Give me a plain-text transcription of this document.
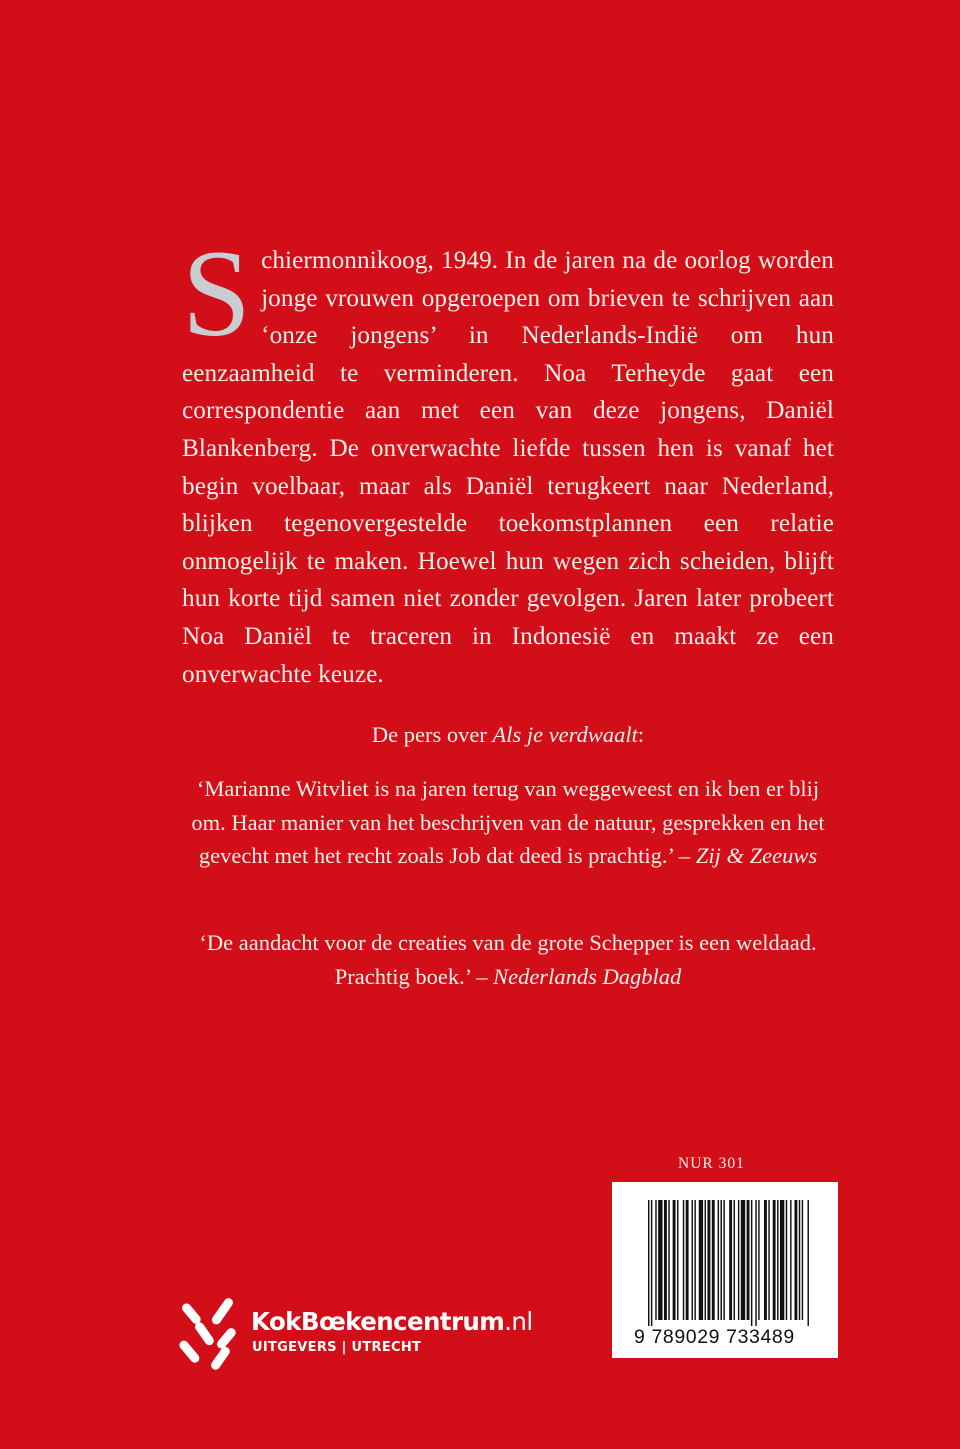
Schiermonnikoog, 1949. In de jaren na de oorlog worden jonge vrouwen opgeroepen om brieven te schrijven aan ‘onze jongens’ in Nederlands-Indië om hun eenzaamheid te verminderen. Noa Terheyde gaat een correspondentie aan met een van deze jongens, Daniël Blankenberg. De onverwachte liefde tussen hen is vanaf het begin voelbaar, maar als Daniël terugkeert naar Nederland, blijken tegenovergestelde toekomstplannen een relatie onmogelijk te maken. Hoewel hun wegen zich scheiden, blijft hun korte tijd samen niet zonder gevolgen. Jaren later probeert Noa Daniël te traceren in Indonesië en maakt ze een onverwachte keuze.

De pers over Als je verdwaalt:

‘Marianne Witvliet is na jaren terug van weggeweest en ik ben er blij om. Haar manier van het beschrijven van de natuur, gesprekken en het gevecht met het recht zoals Job dat deed is prachtig.’ – Zij & Zeeuws

‘De aandacht voor de creaties van de grote Schepper is een weldaad. Prachtig boek.’ – Nederlands Dagblad

NUR 301
9 789029 733489
KokBœkencentrum.nl
UITGEVERS | UTRECHT
